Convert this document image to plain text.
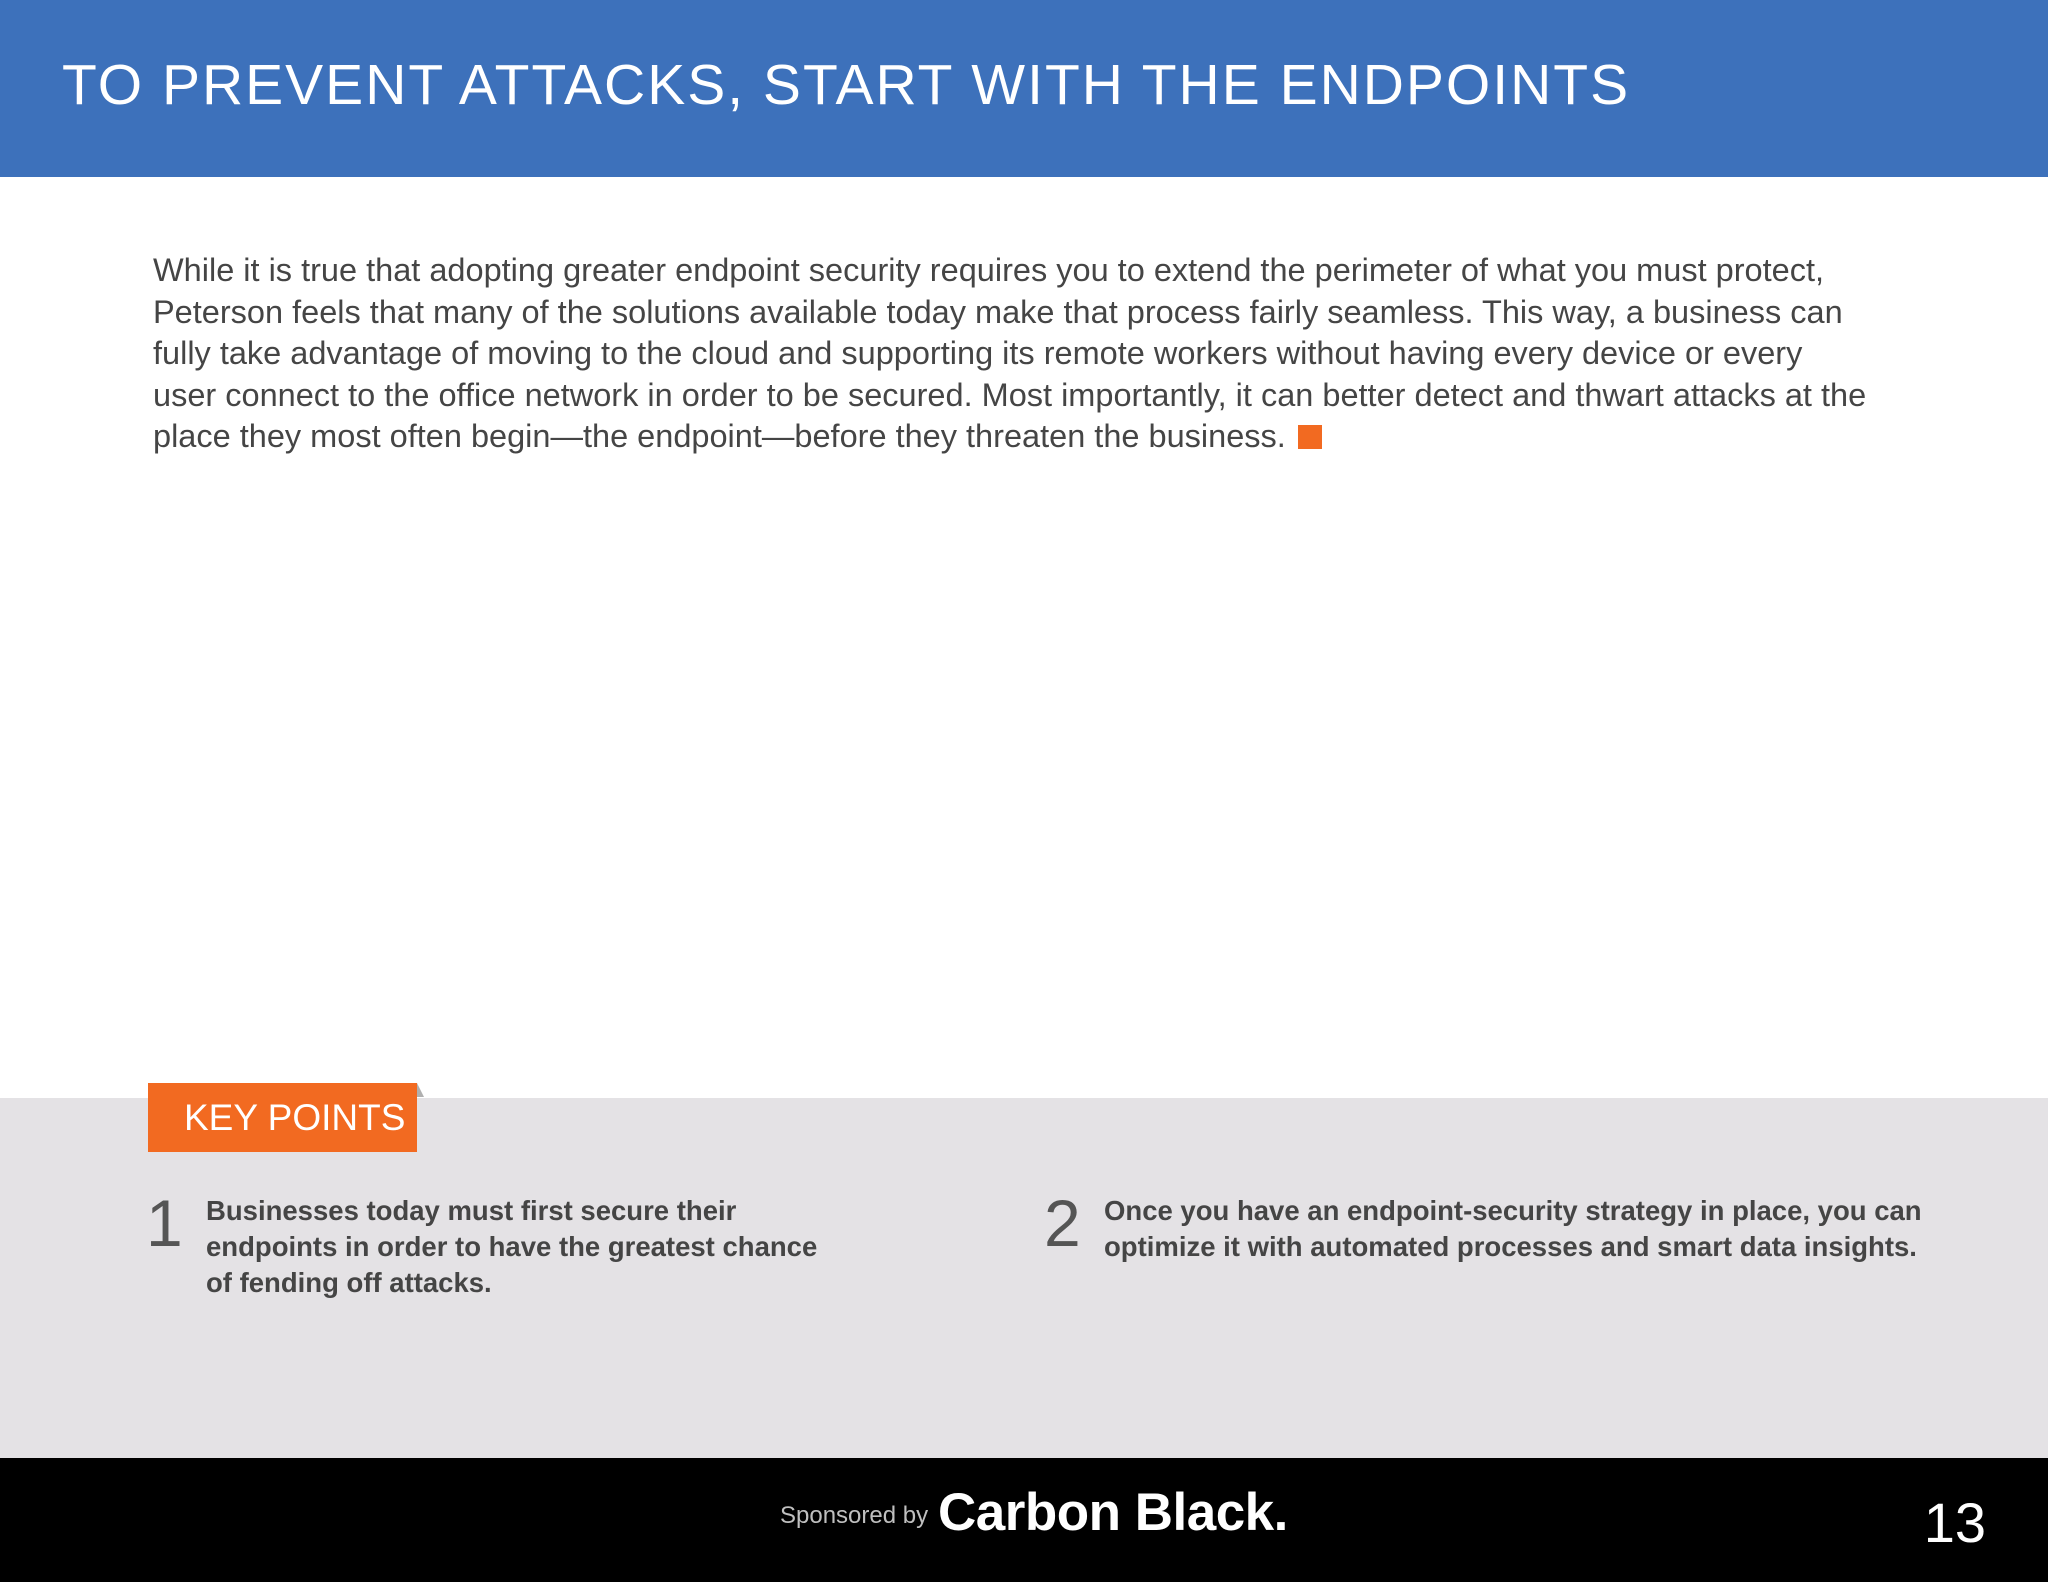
TO PREVENT ATTACKS, START WITH THE ENDPOINTS

While it is true that adopting greater endpoint security requires you to extend the perimeter of what you must protect, Peterson feels that many of the solutions available today make that process fairly seamless. This way, a business can fully take advantage of moving to the cloud and supporting its remote workers without having every device or every user connect to the office network in order to be secured. Most importantly, it can better detect and thwart attacks at the place they most often begin—the endpoint—before they threaten the business.

KEY POINTS
1 Businesses today must first secure their endpoints in order to have the greatest chance of fending off attacks.

2 Once you have an endpoint-security strategy in place, you can optimize it with automated processes and smart data insights.

Sponsored by Carbon Black.	13
